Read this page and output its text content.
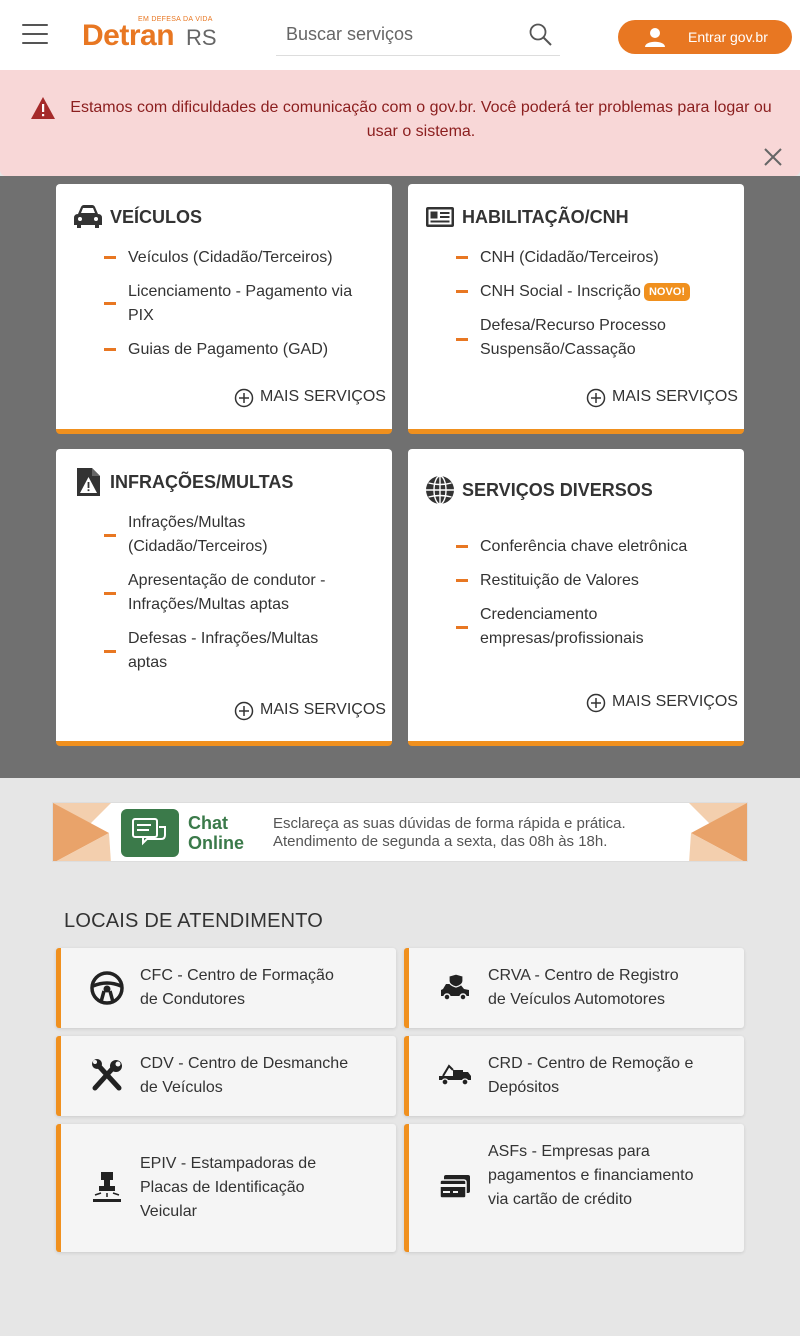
EM DEFESA DA VIDA
Detran RS
Buscar serviços	Entrar gov.br
Estamos com dificuldades de comunicação com o gov.br. Você poderá ter problemas para logar ou usar o sistema.
VEÍCULOS
Veículos (Cidadão/Terceiros)
Licenciamento - Pagamento via PIX
Guias de Pagamento (GAD)
MAIS SERVIÇOS
HABILITAÇÃO/CNH
CNH (Cidadão/Terceiros)
CNH Social - Inscrição NOVO!
Defesa/Recurso Processo Suspensão/Cassação
MAIS SERVIÇOS
INFRAÇÕES/MULTAS
Infrações/Multas (Cidadão/Terceiros)
Apresentação de condutor - Infrações/Multas aptas
Defesas - Infrações/Multas aptas
MAIS SERVIÇOS
SERVIÇOS DIVERSOS
Conferência chave eletrônica
Restituição de Valores
Credenciamento empresas/profissionais
MAIS SERVIÇOS
Chat Online
Esclareça as suas dúvidas de forma rápida e prática.
Atendimento de segunda a sexta, das 08h às 18h.
LOCAIS DE ATENDIMENTO
CFC - Centro de Formação de Condutores
CRVA - Centro de Registro de Veículos Automotores
CDV - Centro de Desmanche de Veículos
CRD - Centro de Remoção e Depósitos
EPIV - Estampadoras de Placas de Identificação Veicular
ASFs - Empresas para pagamentos e financiamento via cartão de crédito
